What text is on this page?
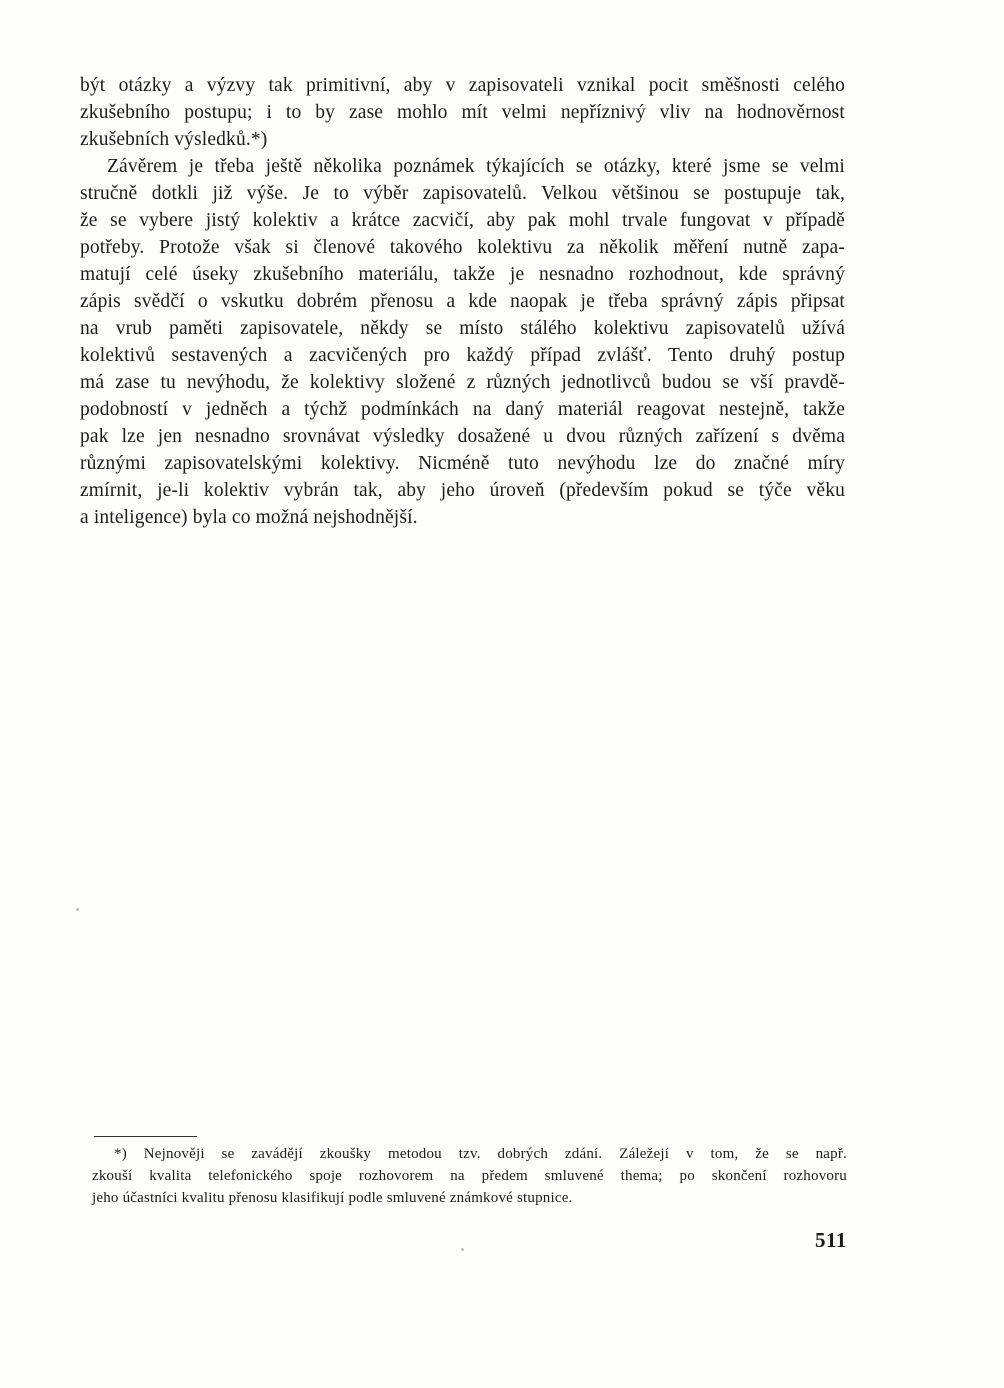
být otázky a výzvy tak primitivní, aby v zapisovateli vznikal pocit směšnosti celého
zkušebního postupu; i to by zase mohlo mít velmi nepříznivý vliv na hodnověrnost
zkušebních výsledků.*)
Závěrem je třeba ještě několika poznámek týkajících se otázky, které jsme se velmi
stručně dotkli již výše. Je to výběr zapisovatelů. Velkou většinou se postupuje tak,
že se vybere jistý kolektiv a krátce zacvičí, aby pak mohl trvale fungovat v případě
potřeby. Protože však si členové takového kolektivu za několik měření nutně zapa-
matují celé úseky zkušebního materiálu, takže je nesnadno rozhodnout, kde správný
zápis svědčí o vskutku dobrém přenosu a kde naopak je třeba správný zápis připsat
na vrub paměti zapisovatele, někdy se místo stálého kolektivu zapisovatelů užívá
kolektivů sestavených a zacvičených pro každý případ zvlášť. Tento druhý postup
má zase tu nevýhodu, že kolektivy složené z různých jednotlivců budou se vší pravdě-
podobností v jedněch a týchž podmínkách na daný materiál reagovat nestejně, takže
pak lze jen nesnadno srovnávat výsledky dosažené u dvou různých zařízení s dvěma
různými zapisovatelskými kolektivy. Nicméně tuto nevýhodu lze do značné míry
zmírnit, je-li kolektiv vybrán tak, aby jeho úroveň (především pokud se týče věku
a inteligence) byla co možná nejshodnější.
*) Nejnověji se zavádějí zkoušky metodou tzv. dobrých zdání. Záležejí v tom, že se např.
zkouší kvalita telefonického spoje rozhovorem na předem smluvené thema; po skončení rozhovoru
jeho účastníci kvalitu přenosu klasifikují podle smluvené známkové stupnice.
511
